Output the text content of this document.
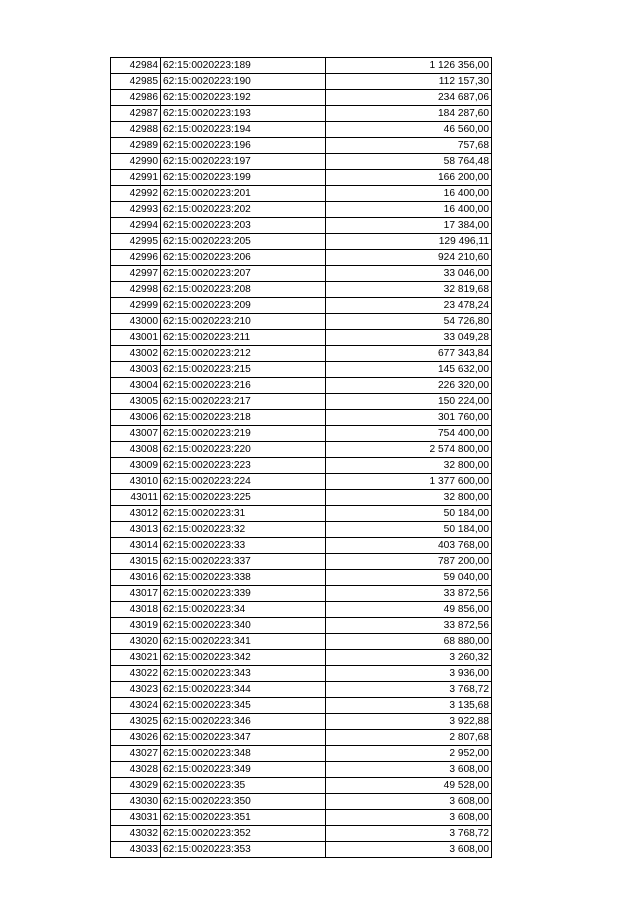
42984	62:15:0020223:189	1 126 356,00
42985	62:15:0020223:190	112 157,30
42986	62:15:0020223:192	234 687,06
42987	62:15:0020223:193	184 287,60
42988	62:15:0020223:194	46 560,00
42989	62:15:0020223:196	757,68
42990	62:15:0020223:197	58 764,48
42991	62:15:0020223:199	166 200,00
42992	62:15:0020223:201	16 400,00
42993	62:15:0020223:202	16 400,00
42994	62:15:0020223:203	17 384,00
42995	62:15:0020223:205	129 496,11
42996	62:15:0020223:206	924 210,60
42997	62:15:0020223:207	33 046,00
42998	62:15:0020223:208	32 819,68
42999	62:15:0020223:209	23 478,24
43000	62:15:0020223:210	54 726,80
43001	62:15:0020223:211	33 049,28
43002	62:15:0020223:212	677 343,84
43003	62:15:0020223:215	145 632,00
43004	62:15:0020223:216	226 320,00
43005	62:15:0020223:217	150 224,00
43006	62:15:0020223:218	301 760,00
43007	62:15:0020223:219	754 400,00
43008	62:15:0020223:220	2 574 800,00
43009	62:15:0020223:223	32 800,00
43010	62:15:0020223:224	1 377 600,00
43011	62:15:0020223:225	32 800,00
43012	62:15:0020223:31	50 184,00
43013	62:15:0020223:32	50 184,00
43014	62:15:0020223:33	403 768,00
43015	62:15:0020223:337	787 200,00
43016	62:15:0020223:338	59 040,00
43017	62:15:0020223:339	33 872,56
43018	62:15:0020223:34	49 856,00
43019	62:15:0020223:340	33 872,56
43020	62:15:0020223:341	68 880,00
43021	62:15:0020223:342	3 260,32
43022	62:15:0020223:343	3 936,00
43023	62:15:0020223:344	3 768,72
43024	62:15:0020223:345	3 135,68
43025	62:15:0020223:346	3 922,88
43026	62:15:0020223:347	2 807,68
43027	62:15:0020223:348	2 952,00
43028	62:15:0020223:349	3 608,00
43029	62:15:0020223:35	49 528,00
43030	62:15:0020223:350	3 608,00
43031	62:15:0020223:351	3 608,00
43032	62:15:0020223:352	3 768,72
43033	62:15:0020223:353	3 608,00
